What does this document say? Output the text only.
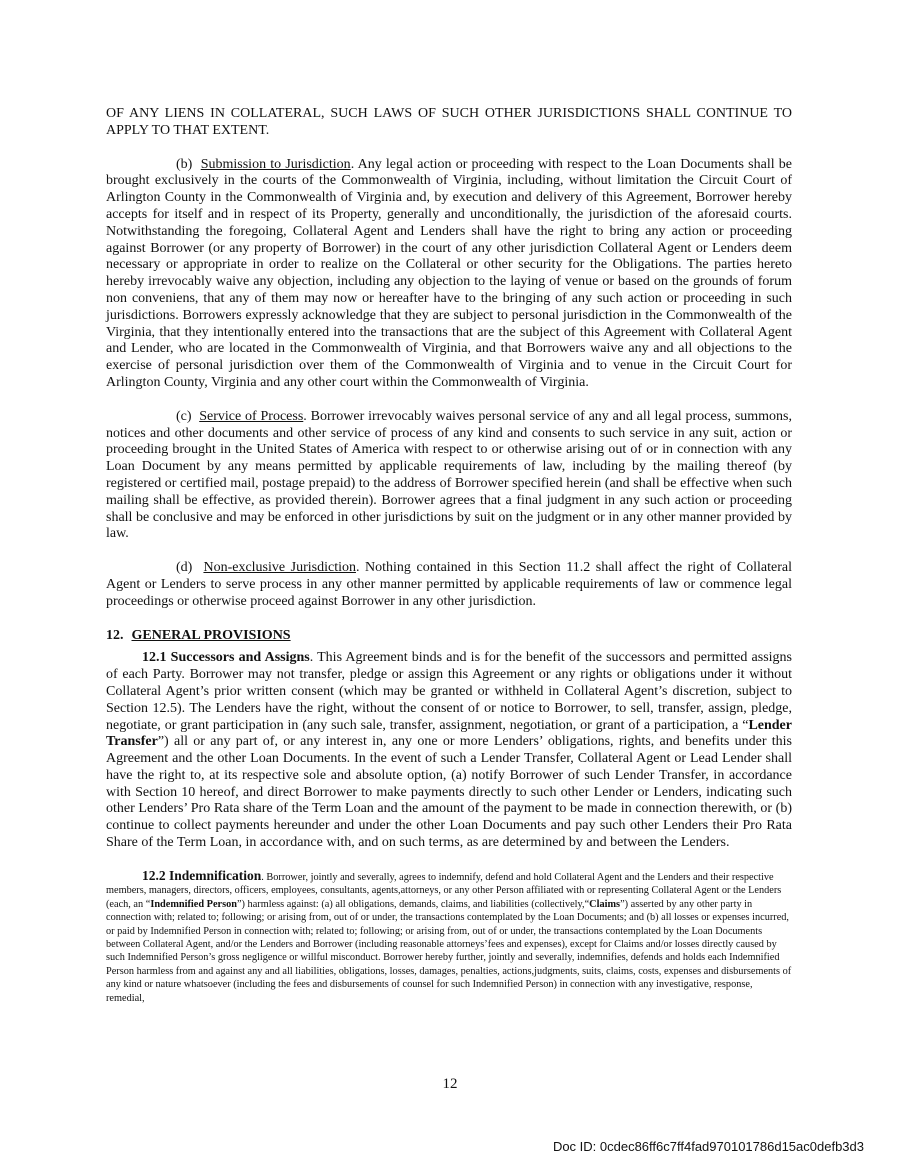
OF ANY LIENS IN COLLATERAL, SUCH LAWS OF SUCH OTHER JURISDICTIONS SHALL CONTINUE TO APPLY TO THAT EXTENT.

(b) Submission to Jurisdiction. Any legal action or proceeding with respect to the Loan Documents shall be brought exclusively in the courts of the Commonwealth of Virginia, including, without limitation the Circuit Court of Arlington County in the Commonwealth of Virginia and, by execution and delivery of this Agreement, Borrower hereby accepts for itself and in respect of its Property, generally and unconditionally, the jurisdiction of the aforesaid courts. Notwithstanding the foregoing, Collateral Agent and Lenders shall have the right to bring any action or proceeding against Borrower (or any property of Borrower) in the court of any other jurisdiction Collateral Agent or Lenders deem necessary or appropriate in order to realize on the Collateral or other security for the Obligations. The parties hereto hereby irrevocably waive any objection, including any objection to the laying of venue or based on the grounds of forum non conveniens, that any of them may now or hereafter have to the bringing of any such action or proceeding in such jurisdictions. Borrowers expressly acknowledge that they are subject to personal jurisdiction in the Commonwealth of the Virginia, that they intentionally entered into the transactions that are the subject of this Agreement with Collateral Agent and Lender, who are located in the Commonwealth of Virginia, and that Borrowers waive any and all objections to the exercise of personal jurisdiction over them of the Commonwealth of Virginia and to venue in the Circuit Court for Arlington County, Virginia and any other court within the Commonwealth of Virginia.

(c) Service of Process. Borrower irrevocably waives personal service of any and all legal process, summons, notices and other documents and other service of process of any kind and consents to such service in any suit, action or proceeding brought in the United States of America with respect to or otherwise arising out of or in connection with any Loan Document by any means permitted by applicable requirements of law, including by the mailing thereof (by registered or certified mail, postage prepaid) to the address of Borrower specified herein (and shall be effective when such mailing shall be effective, as provided therein). Borrower agrees that a final judgment in any such action or proceeding shall be conclusive and may be enforced in other jurisdictions by suit on the judgment or in any other manner provided by law.

(d) Non-exclusive Jurisdiction. Nothing contained in this Section 11.2 shall affect the right of Collateral Agent or Lenders to serve process in any other manner permitted by applicable requirements of law or commence legal proceedings or otherwise proceed against Borrower in any other jurisdiction.

12. GENERAL PROVISIONS

12.1 Successors and Assigns. This Agreement binds and is for the benefit of the successors and permitted assigns of each Party. Borrower may not transfer, pledge or assign this Agreement or any rights or obligations under it without Collateral Agent’s prior written consent (which may be granted or withheld in Collateral Agent’s discretion, subject to Section 12.5). The Lenders have the right, without the consent of or notice to Borrower, to sell, transfer, assign, pledge, negotiate, or grant participation in (any such sale, transfer, assignment, negotiation, or grant of a participation, a “Lender Transfer”) all or any part of, or any interest in, any one or more Lenders’ obligations, rights, and benefits under this Agreement and the other Loan Documents. In the event of such a Lender Transfer, Collateral Agent or Lead Lender shall have the right to, at its respective sole and absolute option, (a) notify Borrower of such Lender Transfer, in accordance with Section 10 hereof, and direct Borrower to make payments directly to such other Lender or Lenders, indicating such other Lenders’ Pro Rata share of the Term Loan and the amount of the payment to be made in connection therewith, or (b) continue to collect payments hereunder and under the other Loan Documents and pay such other Lenders their Pro Rata Share of the Term Loan, in accordance with, and on such terms, as are determined by and between the Lenders.

12.2 Indemnification. Borrower, jointly and severally, agrees to indemnify, defend and hold Collateral Agent and the Lenders and their respective members, managers, directors, officers, employees, consultants, agents,attorneys, or any other Person affiliated with or representing Collateral Agent or the Lenders (each, an “Indemnified Person”) harmless against: (a) all obligations, demands, claims, and liabilities (collectively,“Claims”) asserted by any other party in connection with; related to; following; or arising from, out of or under, the transactions contemplated by the Loan Documents; and (b) all losses or expenses incurred, or paid by Indemnified Person in connection with; related to; following; or arising from, out of or under, the transactions contemplated by the Loan Documents between Collateral Agent, and/or the Lenders and Borrower (including reasonable attorneys’fees and expenses), except for Claims and/or losses directly caused by such Indemnified Person’s gross negligence or willful misconduct. Borrower hereby further, jointly and severally, indemnifies, defends and holds each Indemnified Person harmless from and against any and all liabilities, obligations, losses, damages, penalties, actions,judgments, suits, claims, costs, expenses and disbursements of any kind or nature whatsoever (including the fees and disbursements of counsel for such Indemnified Person) in connection with any investigative, response, remedial,

12
Doc ID: 0cdec86ff6c7ff4fad970101786d15ac0defb3d3
